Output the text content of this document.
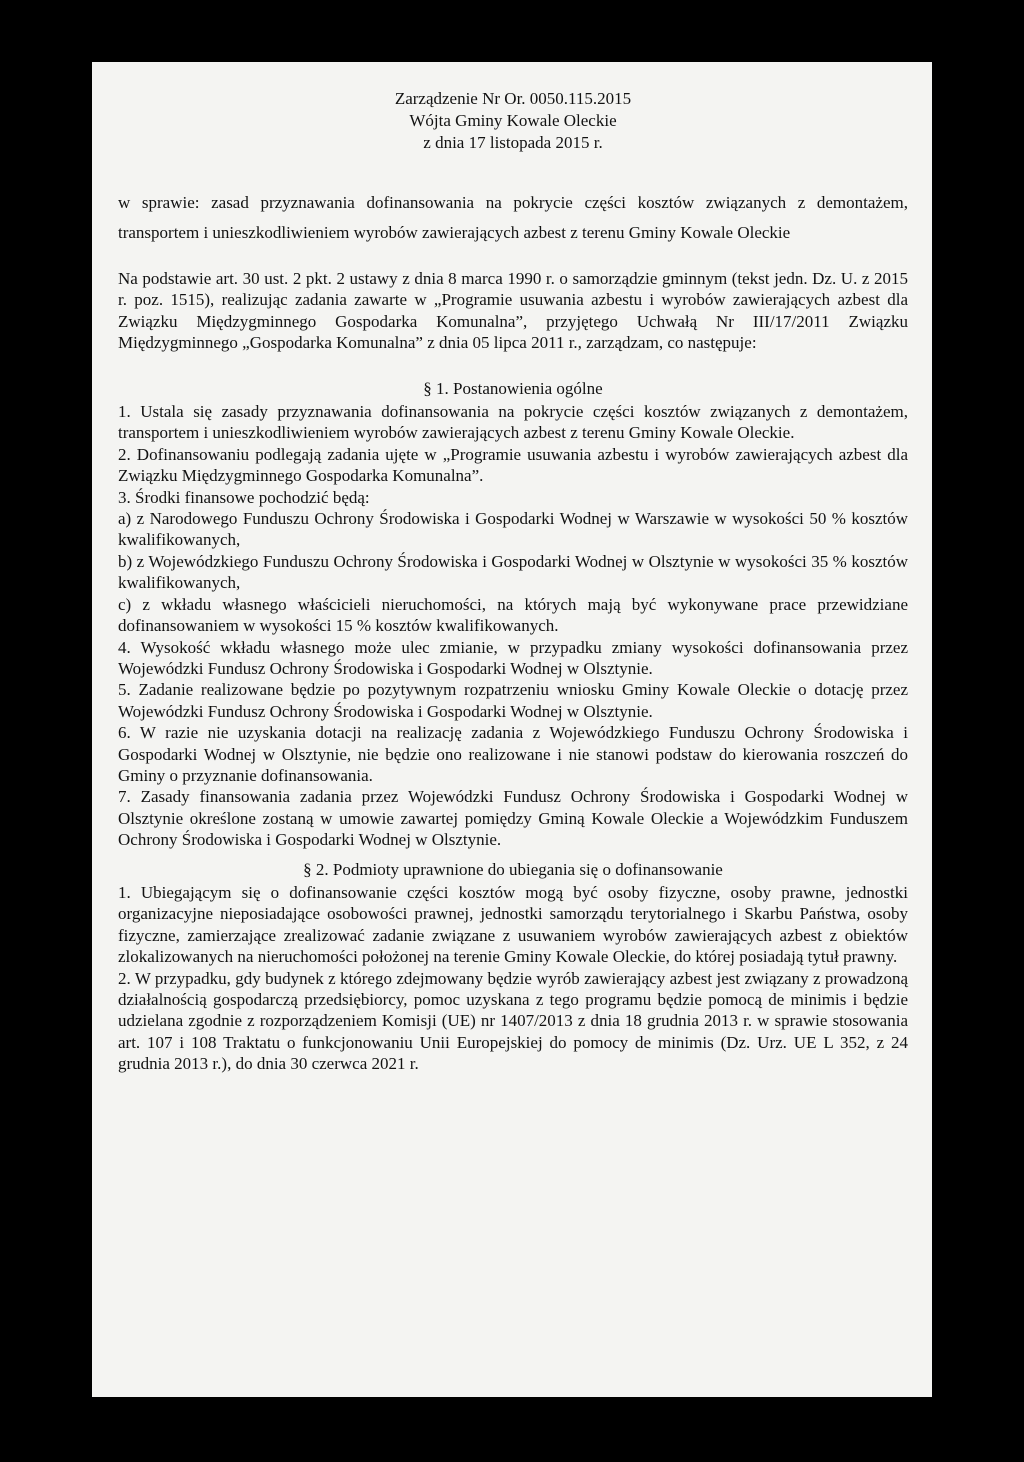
Zarządzenie Nr Or. 0050.115.2015
Wójta Gminy Kowale Oleckie
z dnia 17 listopada 2015 r.
w sprawie: zasad przyznawania dofinansowania na pokrycie części kosztów związanych z demontażem, transportem i unieszkodliwieniem wyrobów zawierających azbest z terenu Gminy Kowale Oleckie
Na podstawie art. 30 ust. 2 pkt. 2 ustawy z dnia 8 marca 1990 r. o samorządzie gminnym (tekst jedn. Dz. U. z 2015 r. poz. 1515), realizując zadania zawarte w „Programie usuwania azbestu i wyrobów zawierających azbest dla Związku Międzygminnego Gospodarka Komunalna”, przyjętego Uchwałą Nr III/17/2011 Związku Międzygminnego „Gospodarka Komunalna” z dnia 05 lipca 2011 r., zarządzam, co następuje:
§ 1. Postanowienia ogólne

1. Ustala się zasady przyznawania dofinansowania na pokrycie części kosztów związanych z demontażem, transportem i unieszkodliwieniem wyrobów zawierających azbest z terenu Gminy Kowale Oleckie.

2. Dofinansowaniu podlegają zadania ujęte w „Programie usuwania azbestu i wyrobów zawierających azbest dla Związku Międzygminnego Gospodarka Komunalna”.

3. Środki finansowe pochodzić będą:

a) z Narodowego Funduszu Ochrony Środowiska i Gospodarki Wodnej w Warszawie w wysokości 50 % kosztów kwalifikowanych,

b) z Wojewódzkiego Funduszu Ochrony Środowiska i Gospodarki Wodnej w Olsztynie w wysokości 35 % kosztów kwalifikowanych,

c) z wkładu własnego właścicieli nieruchomości, na których mają być wykonywane prace przewidziane dofinansowaniem w wysokości 15 % kosztów kwalifikowanych.

4. Wysokość wkładu własnego może ulec zmianie, w przypadku zmiany wysokości dofinansowania przez Wojewódzki Fundusz Ochrony Środowiska i Gospodarki Wodnej w Olsztynie.

5. Zadanie realizowane będzie po pozytywnym rozpatrzeniu wniosku Gminy Kowale Oleckie o dotację przez Wojewódzki Fundusz Ochrony Środowiska i Gospodarki Wodnej w Olsztynie.

6. W razie nie uzyskania dotacji na realizację zadania z Wojewódzkiego Funduszu Ochrony Środowiska i Gospodarki Wodnej w Olsztynie, nie będzie ono realizowane i nie stanowi podstaw do kierowania roszczeń do Gminy o przyznanie dofinansowania.

7. Zasady finansowania zadania przez Wojewódzki Fundusz Ochrony Środowiska i Gospodarki Wodnej w Olsztynie określone zostaną w umowie zawartej pomiędzy Gminą Kowale Oleckie a Wojewódzkim Funduszem Ochrony Środowiska i Gospodarki Wodnej w Olsztynie.

§ 2. Podmioty uprawnione do ubiegania się o dofinansowanie

1. Ubiegającym się o dofinansowanie części kosztów mogą być osoby fizyczne, osoby prawne, jednostki organizacyjne nieposiadające osobowości prawnej, jednostki samorządu terytorialnego i Skarbu Państwa, osoby fizyczne, zamierzające zrealizować zadanie związane z usuwaniem wyrobów zawierających azbest z obiektów zlokalizowanych na nieruchomości położonej na terenie Gminy Kowale Oleckie, do której posiadają tytuł prawny.

2. W przypadku, gdy budynek z którego zdejmowany będzie wyrób zawierający azbest jest związany z prowadzoną działalnością gospodarczą przedsiębiorcy, pomoc uzyskana z tego programu będzie pomocą de minimis i będzie udzielana zgodnie z rozporządzeniem Komisji (UE) nr 1407/2013 z dnia 18 grudnia 2013 r. w sprawie stosowania art. 107 i 108 Traktatu o funkcjonowaniu Unii Europejskiej do pomocy de minimis (Dz. Urz. UE L 352, z 24 grudnia 2013 r.), do dnia 30 czerwca 2021 r.
